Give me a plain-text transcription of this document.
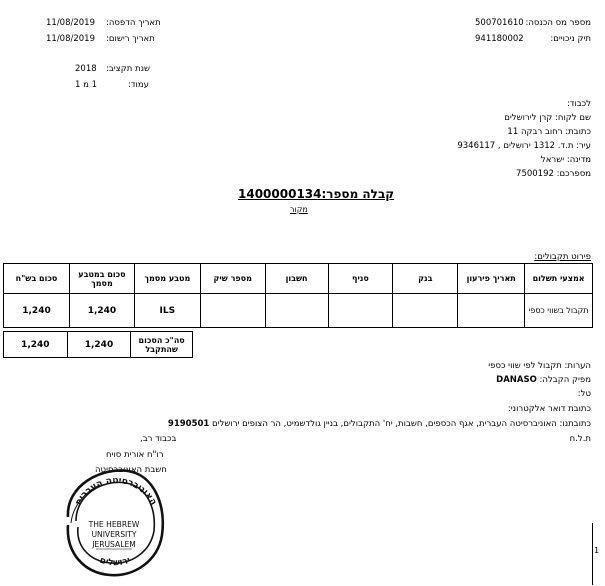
500701610 מספר מס הכנסה:
941180002	תיק ניכויים:
11/08/2019 תאריך הדפסה:
11/08/2019 תאריך רישום:
2018 שנת תקציב:
1 מ 1	עמוד:
לכבוד:
שם לקוח: קרן לירושלים
כתובת: רחוב רבקה 11
עיר: ת.ד. 1312 ירושלים , 9346117
מדינה: ישראל
מספרכם: 7500192
קבלה מספר:1400000134
מקור
פירוט תקבולים:
אמצעי תשלום	תאריך פירעון	בנק	סניף	חשבון	מספר שיק	מטבע מסמך	סכום במטבע מסמך	סכום בש"ח
תקבול בשווי כספי						ILS	1,240	1,240
סה"כ הסכום שהתקבל	1,240	1,240
הערות: תקבול לפי שווי כספי
מפיק הקבלה: DANASO
טל:
כתובת דואר אלקטרוני:
כתובתנו: האוניברסיטה העברית, אגף הכספים, חשבות, יח' התקבולים, בניין גולדשמיט, הר הצופים ירושלים 9190501
ת.ל.ח
בכבוד רב,
רו"ח אורית סויח
חשבת האוניברסיטה
האוניברסיטה העברית
THE HEBREW
UNIVERSITY
JERUSALEM
ירושלים
1
